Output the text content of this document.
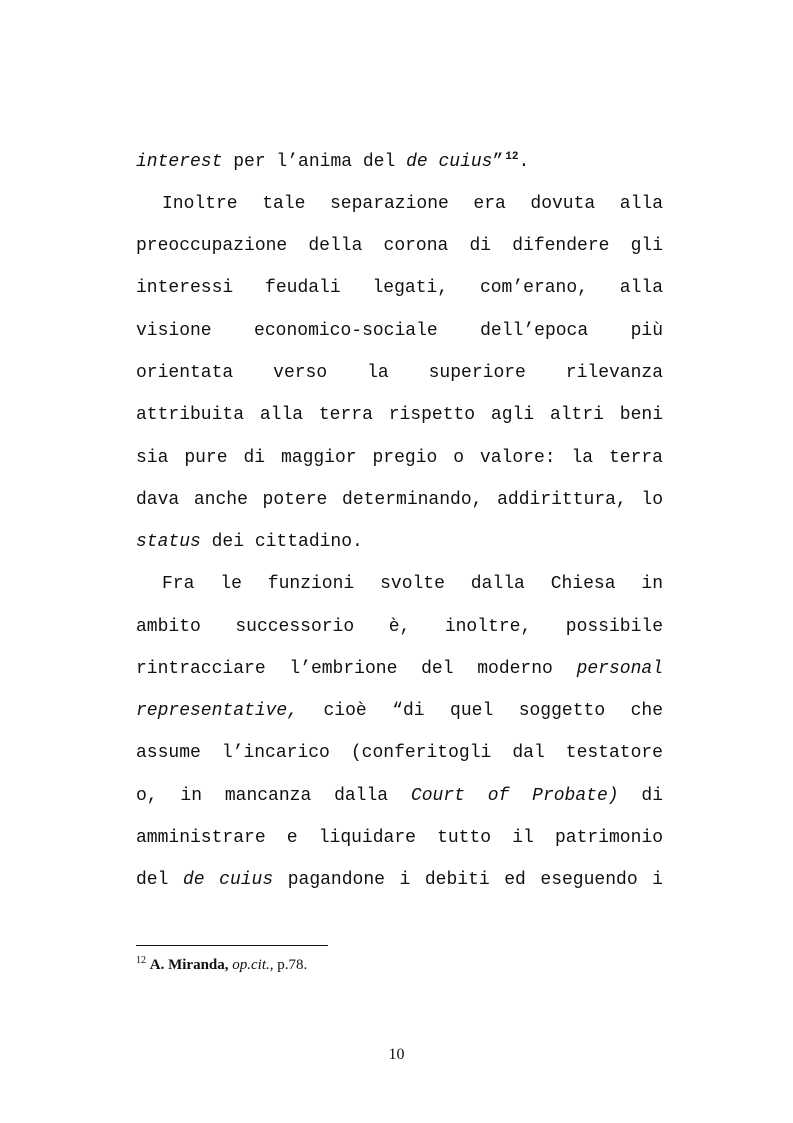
interest per l’anima del de cuius” $^{12}$.
Inoltre tale separazione era dovuta alla
preoccupazione della corona di difendere gli
interessi feudali legati, com’erano, alla
visione economico-sociale dell’epoca più
orientata verso la superiore rilevanza
attribuita alla terra rispetto agli altri beni
sia pure di maggior pregio o valore: la terra
dava anche potere determinando, addirittura, lo
status dei cittadino.
Fra le funzioni svolte dalla Chiesa in
ambito successorio è, inoltre, possibile
rintracciare l’embrione del moderno personal
representative, cioè “di quel soggetto che
assume l’incarico (conferitogli dal testatore
o, in mancanza dalla Court of Probate) di
amministrare e liquidare tutto il patrimonio
del de cuius pagandone i debiti ed eseguendo i
$^{12}$ A. Miranda, op.cit., p.78.
10
